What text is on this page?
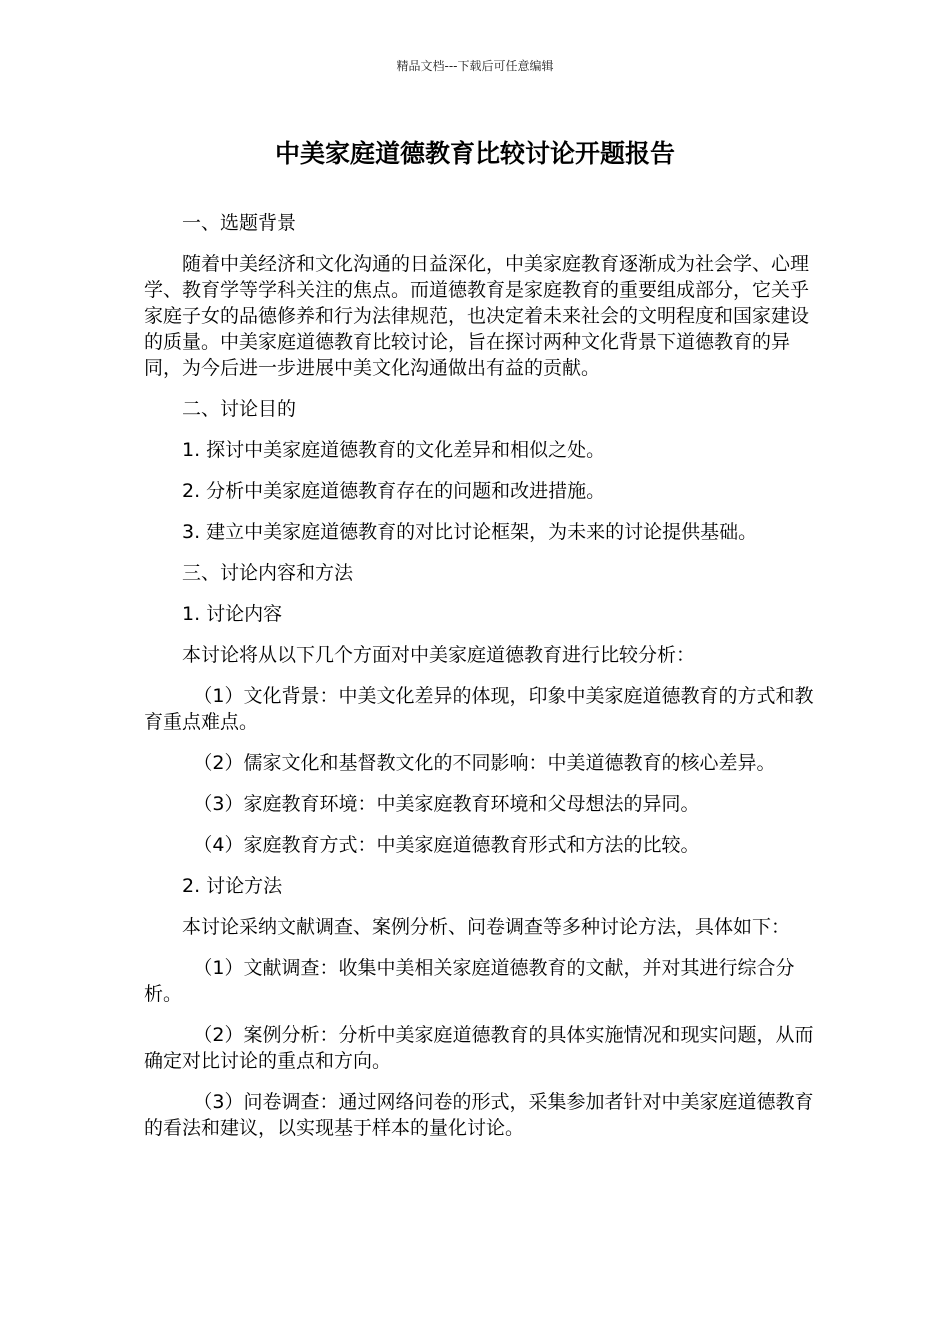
精品文档---下载后可任意编辑
中美家庭道德教育比较讨论开题报告

一、选题背景

随着中美经济和文化沟通的日益深化，中美家庭教育逐渐成为社会学、心理学、教育学等学科关注的焦点。而道德教育是家庭教育的重要组成部分，它关乎家庭子女的品德修养和行为法律规范，也决定着未来社会的文明程度和国家建设的质量。中美家庭道德教育比较讨论，旨在探讨两种文化背景下道德教育的异同，为今后进一步进展中美文化沟通做出有益的贡献。

二、讨论目的

1. 探讨中美家庭道德教育的文化差异和相似之处。

2. 分析中美家庭道德教育存在的问题和改进措施。

3. 建立中美家庭道德教育的对比讨论框架，为未来的讨论提供基础。

三、讨论内容和方法

1. 讨论内容

本讨论将从以下几个方面对中美家庭道德教育进行比较分析：

（1）文化背景：中美文化差异的体现，印象中美家庭道德教育的方式和教育重点难点。

（2）儒家文化和基督教文化的不同影响：中美道德教育的核心差异。

（3）家庭教育环境：中美家庭教育环境和父母想法的异同。

（4）家庭教育方式：中美家庭道德教育形式和方法的比较。

2. 讨论方法

本讨论采纳文献调查、案例分析、问卷调查等多种讨论方法，具体如下：

（1）文献调查：收集中美相关家庭道德教育的文献，并对其进行综合分析。

（2）案例分析：分析中美家庭道德教育的具体实施情况和现实问题，从而确定对比讨论的重点和方向。

（3）问卷调查：通过网络问卷的形式，采集参加者针对中美家庭道德教育的看法和建议，以实现基于样本的量化讨论。
